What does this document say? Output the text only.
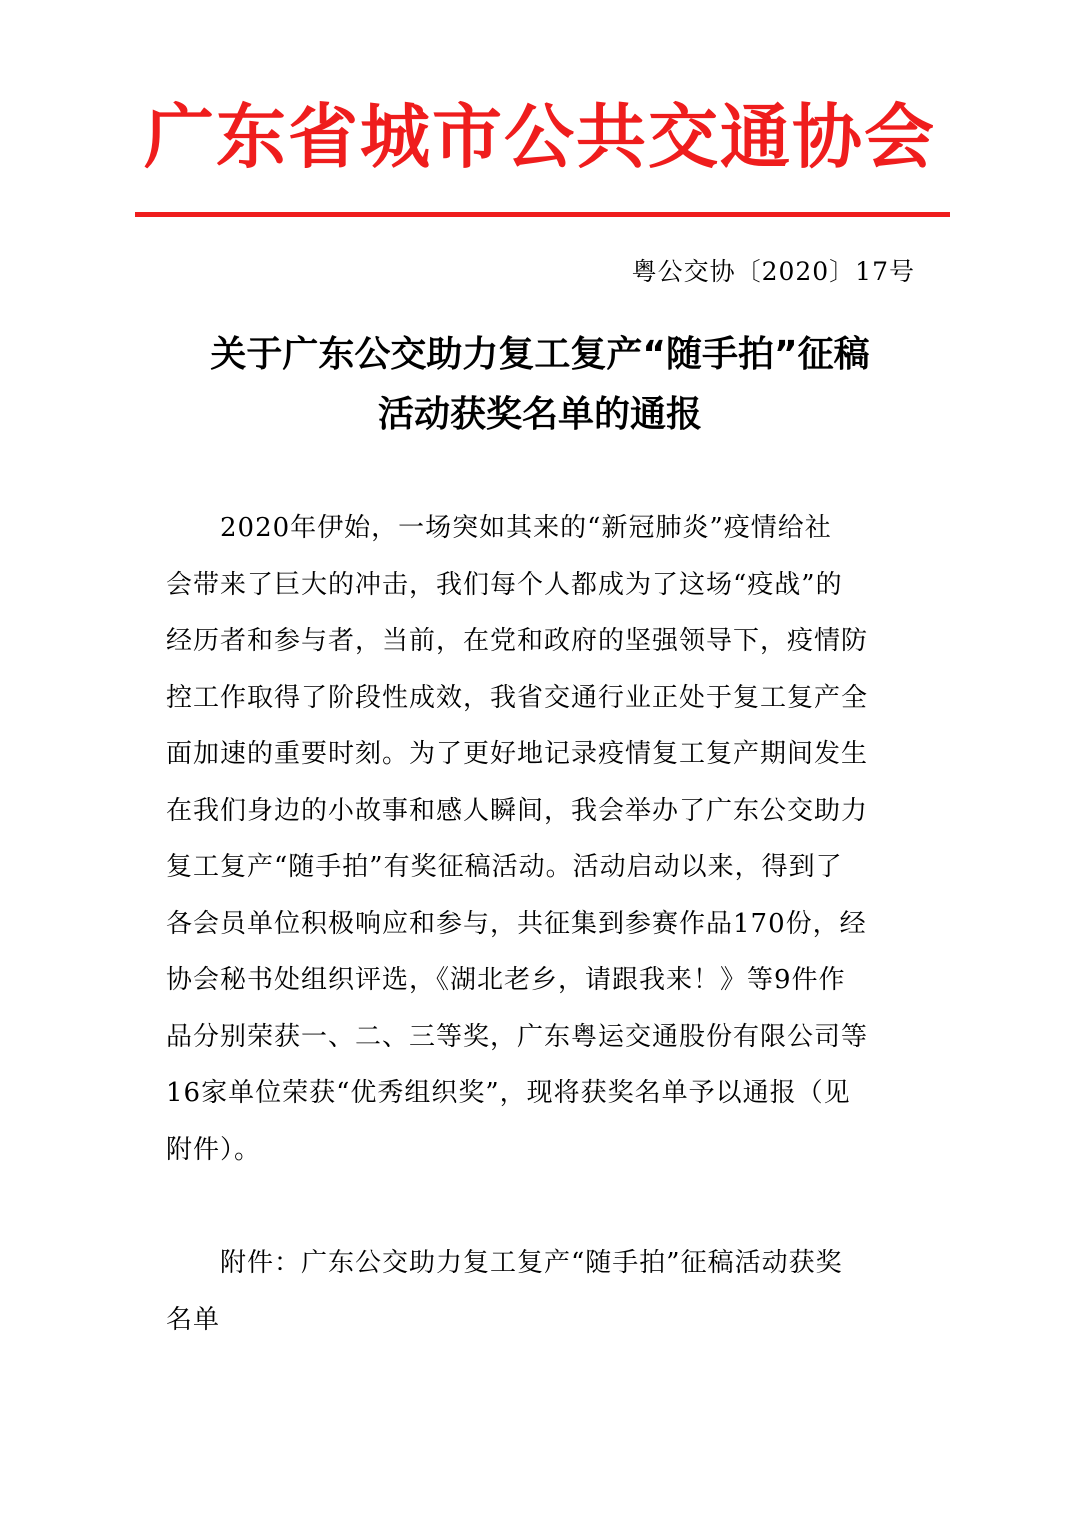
广东省城市公共交通协会
粤公交协〔2020〕17号
关于广东公交助力复工复产“随手拍”征稿
活动获奖名单的通报
　　2020年伊始，一场突如其来的“新冠肺炎”疫情给社
会带来了巨大的冲击，我们每个人都成为了这场“疫战”的
经历者和参与者，当前，在党和政府的坚强领导下，疫情防
控工作取得了阶段性成效，我省交通行业正处于复工复产全
面加速的重要时刻。为了更好地记录疫情复工复产期间发生
在我们身边的小故事和感人瞬间，我会举办了广东公交助力
复工复产“随手拍”有奖征稿活动。活动启动以来，得到了
各会员单位积极响应和参与，共征集到参赛作品170份，经
协会秘书处组织评选，《湖北老乡，请跟我来！》等9件作
品分别荣获一、二、三等奖，广东粤运交通股份有限公司等
16家单位荣获“优秀组织奖”，现将获奖名单予以通报（见
附件）。
　　附件：广东公交助力复工复产“随手拍”征稿活动获奖
名单
